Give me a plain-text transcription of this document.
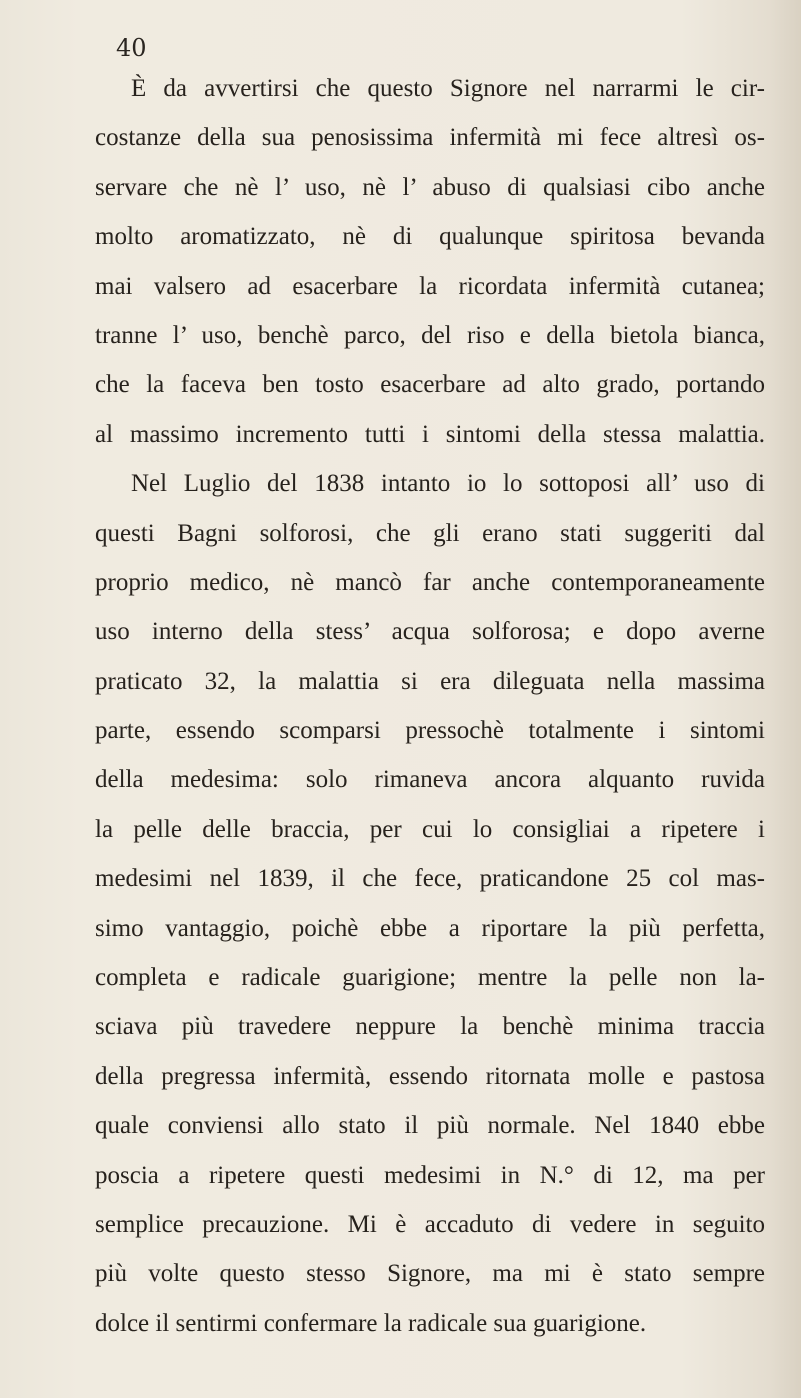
40

È da avvertirsi che questo Signore nel narrarmi le cir-
costanze della sua penosissima infermità mi fece altresì os-
servare che nè l’ uso, nè l’ abuso di qualsiasi cibo anche
molto aromatizzato, nè di qualunque spiritosa bevanda
mai valsero ad esacerbare la ricordata infermità cutanea;
tranne l’ uso, benchè parco, del riso e della bietola bianca,
che la faceva ben tosto esacerbare ad alto grado, portando
al massimo incremento tutti i sintomi della stessa malattia.
Nel Luglio del 1838 intanto io lo sottoposi all’ uso di
questi Bagni solforosi, che gli erano stati suggeriti dal
proprio medico, nè mancò far anche contemporaneamente
uso interno della stess’ acqua solforosa; e dopo averne
praticato 32, la malattia si era dileguata nella massima
parte, essendo scomparsi pressochè totalmente i sintomi
della medesima: solo rimaneva ancora alquanto ruvida
la pelle delle braccia, per cui lo consigliai a ripetere i
medesimi nel 1839, il che fece, praticandone 25 col mas-
simo vantaggio, poichè ebbe a riportare la più perfetta,
completa e radicale guarigione; mentre la pelle non la-
sciava più travedere neppure la benchè minima traccia
della pregressa infermità, essendo ritornata molle e pastosa
quale conviensi allo stato il più normale. Nel 1840 ebbe
poscia a ripetere questi medesimi in N.° di 12, ma per
semplice precauzione. Mi è accaduto di vedere in seguito
più volte questo stesso Signore, ma mi è stato sempre
dolce il sentirmi confermare la radicale sua guarigione.
